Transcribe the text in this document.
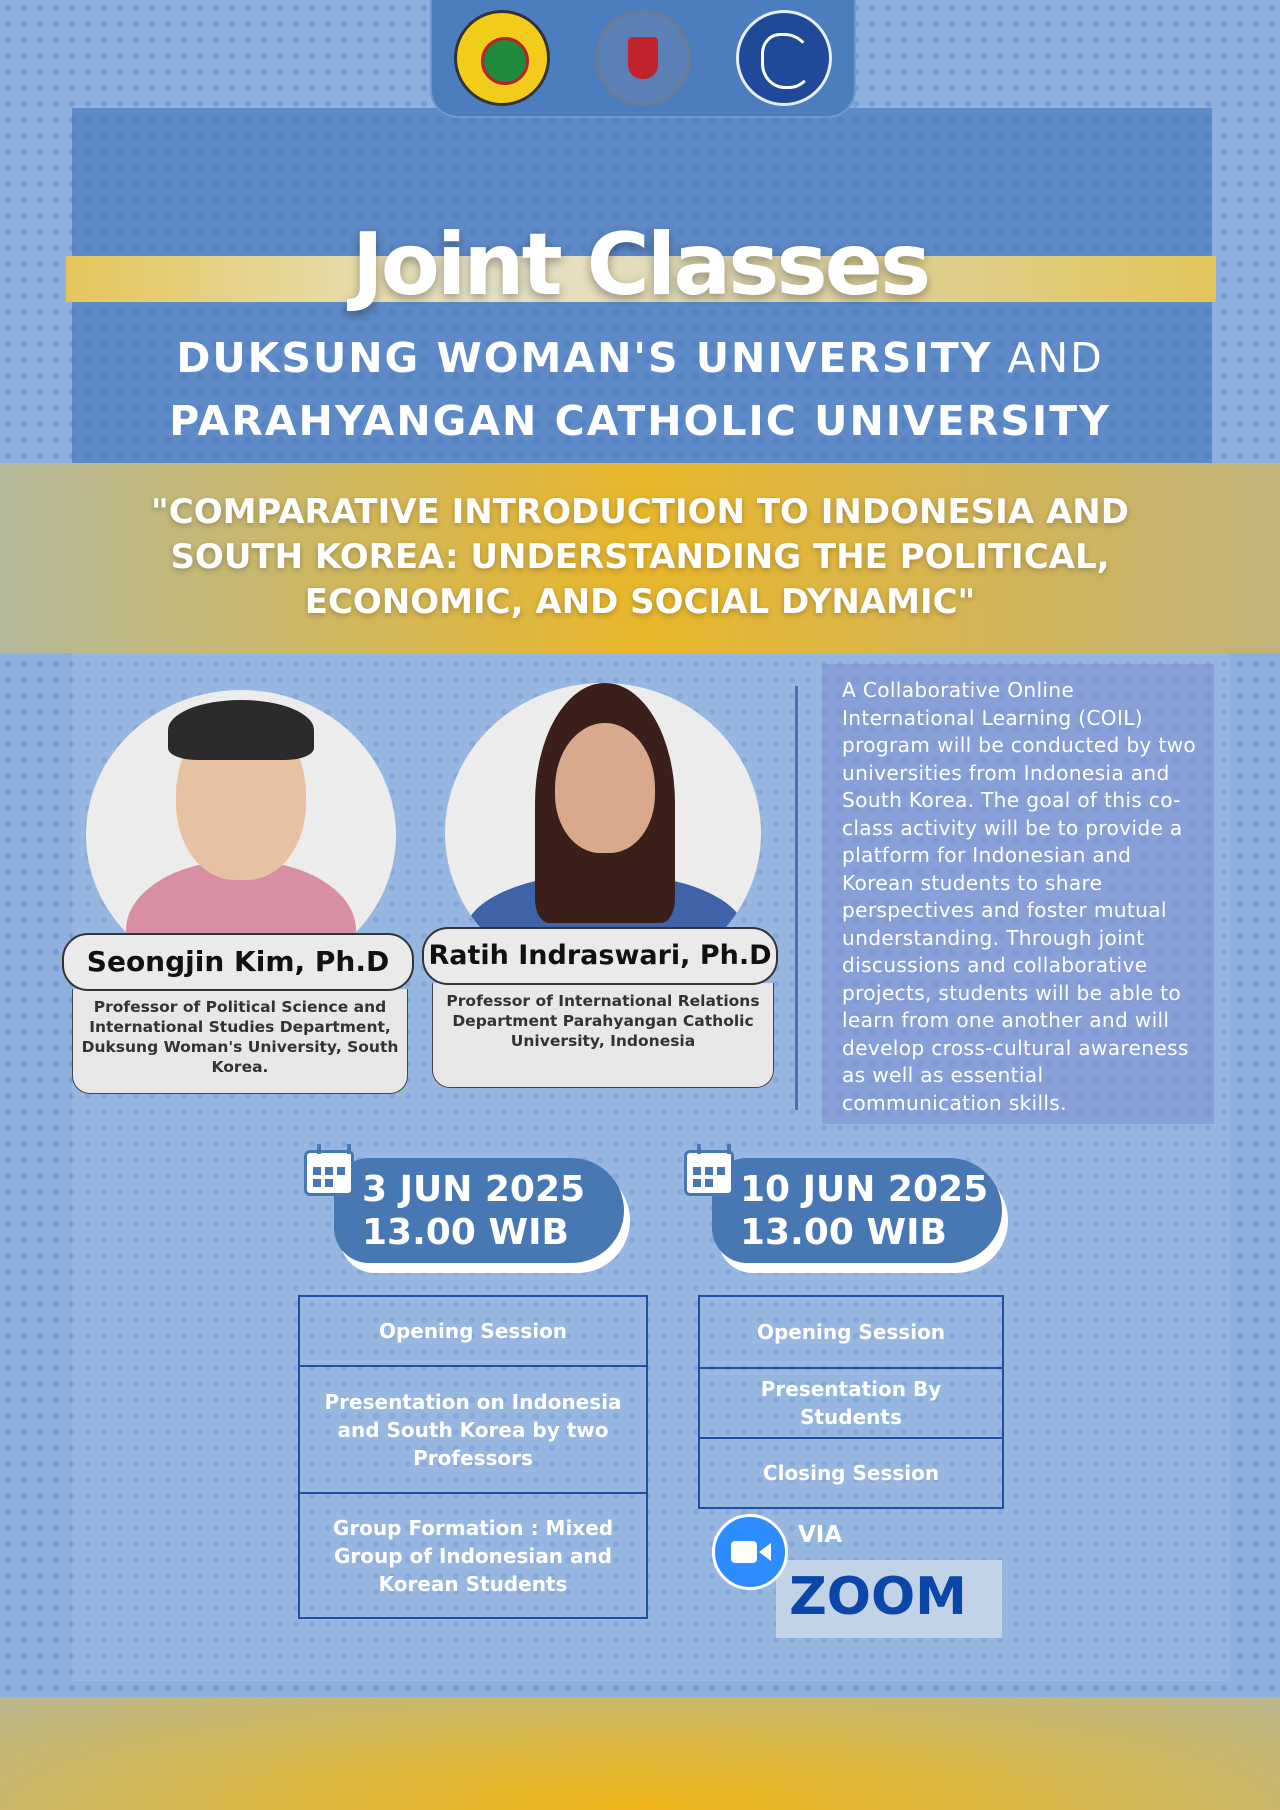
Joint Classes
DUKSUNG WOMAN'S UNIVERSITY AND
PARAHYANGAN CATHOLIC UNIVERSITY
"COMPARATIVE INTRODUCTION TO INDONESIA AND SOUTH KOREA: UNDERSTANDING THE POLITICAL, ECONOMIC, AND SOCIAL DYNAMIC"
Professor of Political Science and International Studies Department, Duksung Woman's University, South Korea.
Seongjin Kim, Ph.D
Professor of International Relations Department Parahyangan Catholic University, Indonesia
Ratih Indraswari, Ph.D
A Collaborative Online International Learning (COIL) program will be conducted by two universities from Indonesia and South Korea. The goal of this co-class activity will be to provide a platform for Indonesian and Korean students to share perspectives and foster mutual understanding. Through joint discussions and collaborative projects, students will be able to learn from one another and will develop cross-cultural awareness as well as essential communication skills.
3 JUN 2025
13.00 WIB
10 JUN 2025
13.00 WIB
Opening Session
Presentation on Indonesia and South Korea by two Professors
Group Formation : Mixed Group of Indonesian and Korean Students
Opening Session
Presentation By Students
Closing Session
VIA
ZOOM
